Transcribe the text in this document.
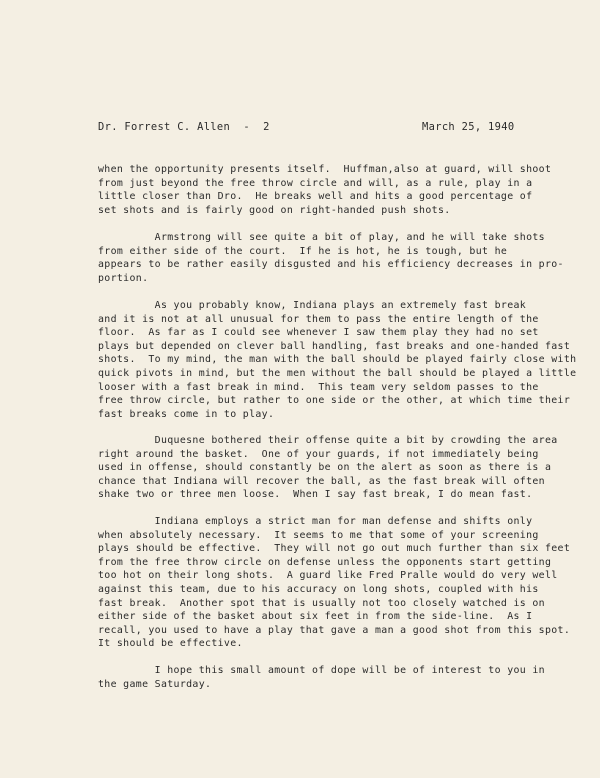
Dr. Forrest C. Allen  -  2	March 25, 1940
when the opportunity presents itself.  Huffman,also at guard, will shoot
from just beyond the free throw circle and will, as a rule, play in a
little closer than Dro.  He breaks well and hits a good percentage of
set shots and is fairly good on right-handed push shots.
Armstrong will see quite a bit of play, and he will take shots
from either side of the court.  If he is hot, he is tough, but he
appears to be rather easily disgusted and his efficiency decreases in pro-
portion.
As you probably know, Indiana plays an extremely fast break
and it is not at all unusual for them to pass the entire length of the
floor.  As far as I could see whenever I saw them play they had no set
plays but depended on clever ball handling, fast breaks and one-handed fast
shots.  To my mind, the man with the ball should be played fairly close with
quick pivots in mind, but the men without the ball should be played a little
looser with a fast break in mind.  This team very seldom passes to the
free throw circle, but rather to one side or the other, at which time their
fast breaks come in to play.
Duquesne bothered their offense quite a bit by crowding the area
right around the basket.  One of your guards, if not immediately being
used in offense, should constantly be on the alert as soon as there is a
chance that Indiana will recover the ball, as the fast break will often
shake two or three men loose.  When I say fast break, I do mean fast.
Indiana employs a strict man for man defense and shifts only
when absolutely necessary.  It seems to me that some of your screening
plays should be effective.  They will not go out much further than six feet
from the free throw circle on defense unless the opponents start getting
too hot on their long shots.  A guard like Fred Pralle would do very well
against this team, due to his accuracy on long shots, coupled with his
fast break.  Another spot that is usually not too closely watched is on
either side of the basket about six feet in from the side-line.  As I
recall, you used to have a play that gave a man a good shot from this spot.
It should be effective.
I hope this small amount of dope will be of interest to you in
the game Saturday.
